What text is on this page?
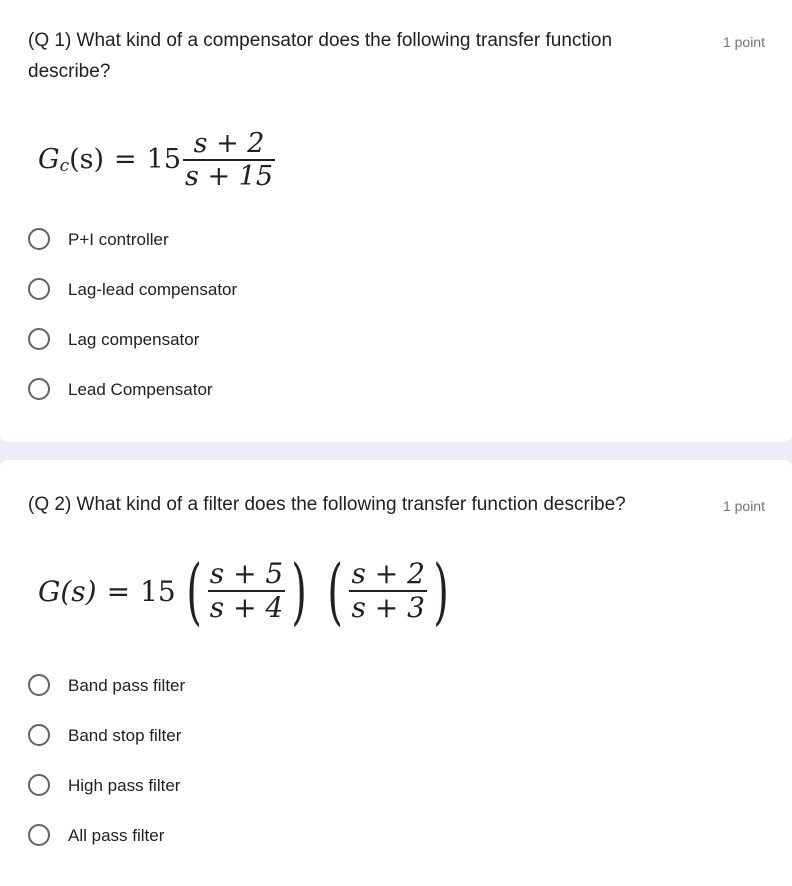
(Q 1) What kind of a compensator does the following transfer function describe?
1 point
G c $(s) = 15 \frac{s + 2}{s + 15}$
P+I controller
Lag-lead compensator
Lag compensator
Lead Compensator
(Q 2) What kind of a filter does the following transfer function describe?	1 point
Band pass filter
Band stop filter
High pass filter
All pass filter
G(s) = 15 ( $\frac{s + 5}{s + 4}$ ) ( $\frac{s + 2}{s + 3}$ )
